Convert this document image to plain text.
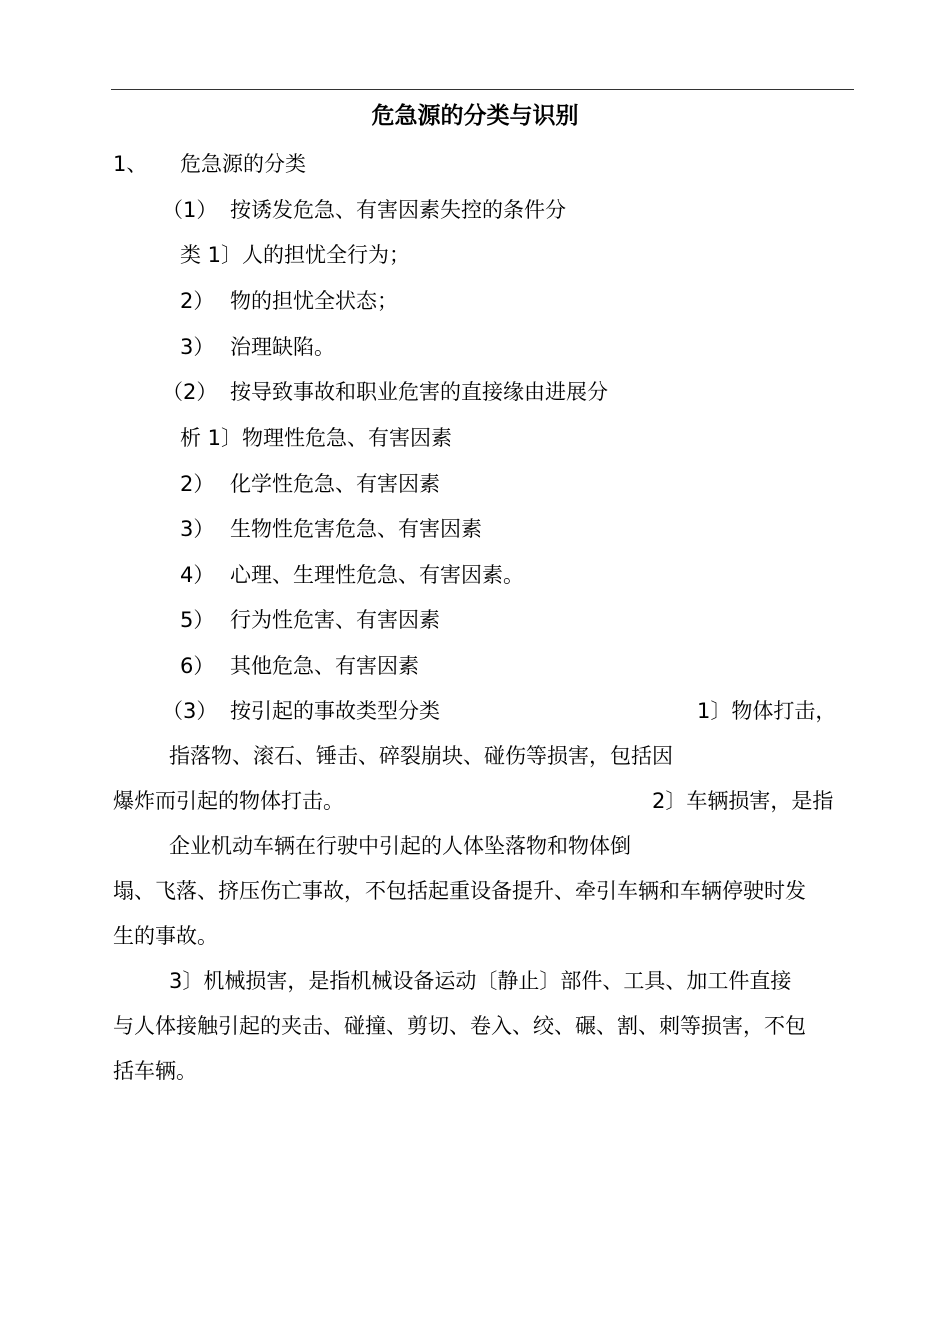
危急源的分类与识别
1、 危急源的分类
（1） 按诱发危急、有害因素失控的条件分
类 1〕人的担忧全行为；
2） 物的担忧全状态；
3） 治理缺陷。
（2） 按导致事故和职业危害的直接缘由进展分
析 1〕物理性危急、有害因素
2） 化学性危急、有害因素
3） 生物性危害危急、有害因素
4） 心理、生理性危急、有害因素。
5） 行为性危害、有害因素
6） 其他危急、有害因素
（3） 按引起的事故类型分类	1〕物体打击，
指落物、滚石、锤击、碎裂崩块、碰伤等损害，包括因
爆炸而引起的物体打击。	2〕车辆损害，是指
企业机动车辆在行驶中引起的人体坠落物和物体倒
塌、飞落、挤压伤亡事故，不包括起重设备提升、牵引车辆和车辆停驶时发
生的事故。
3〕机械损害，是指机械设备运动〔静止〕部件、工具、加工件直接
与人体接触引起的夹击、碰撞、剪切、卷入、绞、碾、割、刺等损害，不包
括车辆。
